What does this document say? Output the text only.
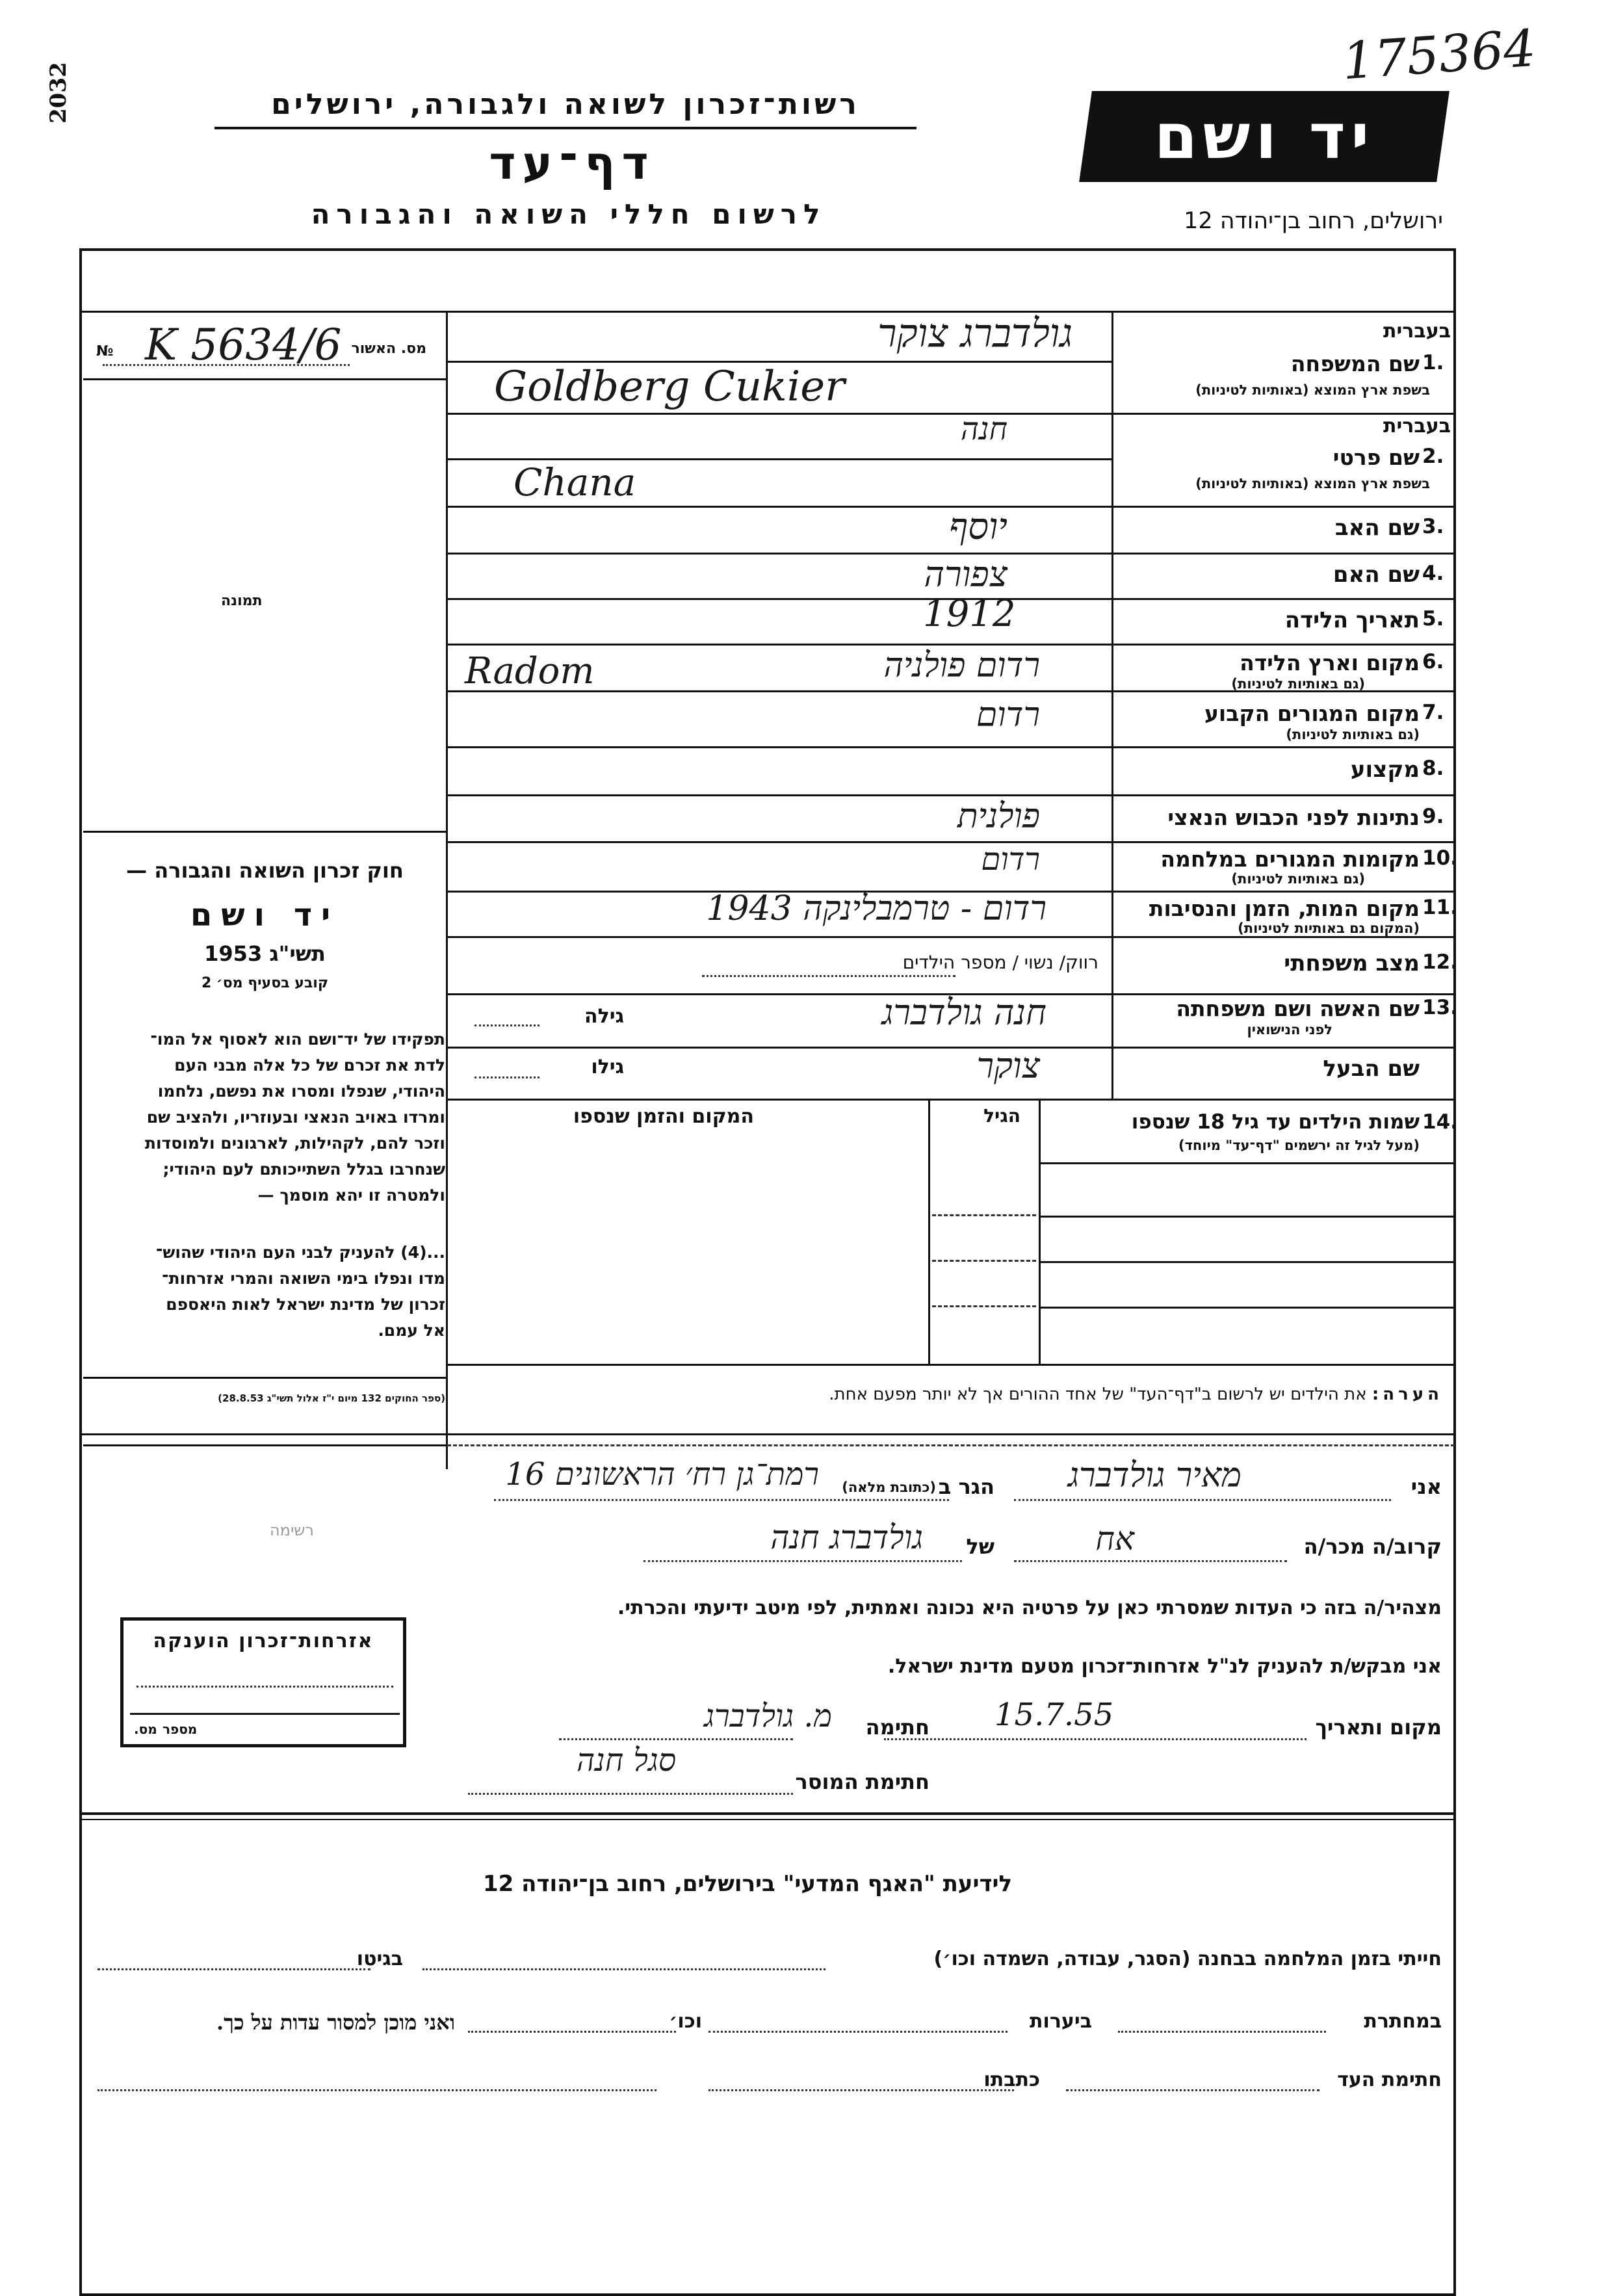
2032
175364
רשות־זכרון לשואה ולגבורה, ירושלים
דף־עד
לרשום חללי השואה והגבורה
יד ושם
ירושלים, רחוב בן־יהודה 12
מס. האשור
K 5634/6
№
תמונה
חוק זכרון השואה והגבורה —
יד ושם
תשי"ג 1953
קובע בסעיף מס׳ 2
תפקידו של יד־ושם הוא לאסוף אל המו־
לדת את זכרם של כל אלה מבני העם
היהודי, שנפלו ומסרו את נפשם, נלחמו
ומרדו באויב הנאצי ובעוזריו, ולהציב שם
וזכר להם, לקהילות, לארגונים ולמוסדות
שנחרבו בגלל השתייכותם לעם היהודי;
ולמטרה זו יהא מוסמך —
...(4) להעניק לבני העם היהודי שהוש־
מדו ונפלו בימי השואה והמרי אזרחות־
זכרון של מדינת ישראל לאות היאספם
אל עמם.
(ספר החוקים 132 מיום י"ז אלול תשי"ג 28.8.53)
בעברית
1.
שם המשפחה
בשפת ארץ המוצא (באותיות לטיניות)
גולדברג צוקר
Goldberg Cukier
בעברית
2.
שם פרטי
בשפת ארץ המוצא (באותיות לטיניות)
חנה
Chana
3.
שם האב
יוסף
4.
שם האם
צפורה
5.
תאריך הלידה
1912
6.
מקום וארץ הלידה
(גם באותיות לטיניות)
רדום פולניה
Radom
7.
מקום המגורים הקבוע
(גם באותיות לטיניות)
רדום
8.
מקצוע
9.
נתינות לפני הכבוש הנאצי
פולנית
10.
מקומות המגורים במלחמה
(גם באותיות לטיניות)
רדום
11.
מקום המות, הזמן והנסיבות
(המקום גם באותיות לטיניות)
רדום - טרמבלינקה 1943
12.
מצב משפחתי
רווק/ נשוי / מספר הילדים
13.
שם האשה ושם משפחתה
לפני הנישואין
חנה גולדברג
גילה
שם הבעל
צוקר
גילו
14.
שמות הילדים עד גיל 18 שנספו
(מעל לגיל זה ירשמים "דף־עד" מיוחד)
הגיל
המקום והזמן שנספו
הערה: את הילדים יש לרשום ב"דף־העד" של אחד ההורים אך לא יותר מפעם אחת.
אני
מאיר גולדברג
הגר ב
(כתובת מלאה)
רמת־גן רח׳ הראשונים 16
קרוב/ה מכר/ה
אח
של
גולדברג חנה
מצהיר/ה בזה כי העדות שמסרתי כאן על פרטיה היא נכונה ואמתית, לפי מיטב ידיעתי והכרתי.
אני מבקש/ת להעניק לנ"ל אזרחות־זכרון מטעם מדינת ישראל.
מקום ותאריך
15.7.55
חתימה
מ. גולדברג
חתימת המוסר
סגל חנה
רשימה
אזרחות־זכרון הוענקה
מספר
מס.
לידיעת "האגף המדעי" בירושלים, רחוב בן־יהודה 12
חייתי בזמן המלחמה בבחנה (הסגר, עבודה, השמדה וכו׳)
בגיטו
במחתרת
ביערות
וכו׳
ואני מוכן למסור עדות על כך.
חתימת העד
כתבתו
